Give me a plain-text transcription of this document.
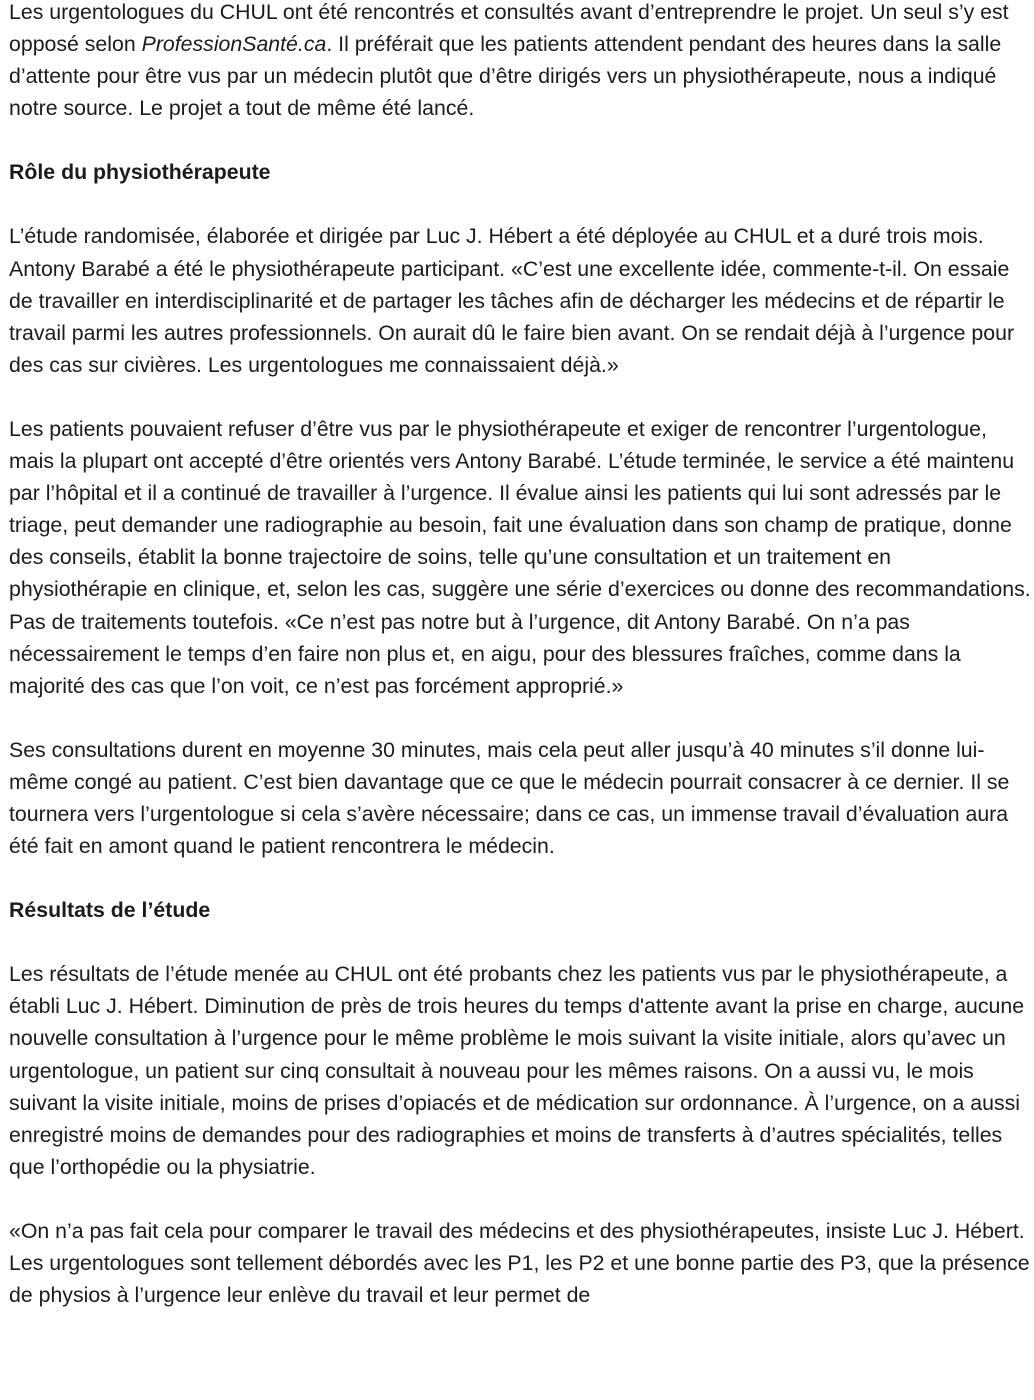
Les urgentologues du CHUL ont été rencontrés et consultés avant d’entreprendre le projet. Un seul s’y est opposé selon ProfessionSanté.ca. Il préférait que les patients attendent pendant des heures dans la salle d’attente pour être vus par un médecin plutôt que d’être dirigés vers un physiothérapeute, nous a indiqué notre source. Le projet a tout de même été lancé.

Rôle du physiothérapeute

L’étude randomisée, élaborée et dirigée par Luc J. Hébert a été déployée au CHUL et a duré trois mois. Antony Barabé a été le physiothérapeute participant. «C’est une excellente idée, commente-t-il. On essaie de travailler en interdisciplinarité et de partager les tâches afin de décharger les médecins et de répartir le travail parmi les autres professionnels. On aurait dû le faire bien avant. On se rendait déjà à l’urgence pour des cas sur civières. Les urgentologues me connaissaient déjà.»

Les patients pouvaient refuser d’être vus par le physiothérapeute et exiger de rencontrer l’urgentologue, mais la plupart ont accepté d’être orientés vers Antony Barabé. L’étude terminée, le service a été maintenu par l’hôpital et il a continué de travailler à l’urgence. Il évalue ainsi les patients qui lui sont adressés par le triage, peut demander une radiographie au besoin, fait une évaluation dans son champ de pratique, donne des conseils, établit la bonne trajectoire de soins, telle qu’une consultation et un traitement en physiothérapie en clinique, et, selon les cas, suggère une série d’exercices ou donne des recommandations. Pas de traitements toutefois. «Ce n’est pas notre but à l’urgence, dit Antony Barabé. On n’a pas nécessairement le temps d’en faire non plus et, en aigu, pour des blessures fraîches, comme dans la majorité des cas que l’on voit, ce n’est pas forcément approprié.»

Ses consultations durent en moyenne 30 minutes, mais cela peut aller jusqu’à 40 minutes s’il donne lui-même congé au patient. C’est bien davantage que ce que le médecin pourrait consacrer à ce dernier. Il se tournera vers l’urgentologue si cela s’avère nécessaire; dans ce cas, un immense travail d’évaluation aura été fait en amont quand le patient rencontrera le médecin.

Résultats de l’étude

Les résultats de l’étude menée au CHUL ont été probants chez les patients vus par le physiothérapeute, a établi Luc J. Hébert. Diminution de près de trois heures du temps d'attente avant la prise en charge, aucune nouvelle consultation à l’urgence pour le même problème le mois suivant la visite initiale, alors qu’avec un urgentologue, un patient sur cinq consultait à nouveau pour les mêmes raisons. On a aussi vu, le mois suivant la visite initiale, moins de prises d’opiacés et de médication sur ordonnance. À l’urgence, on a aussi enregistré moins de demandes pour des radiographies et moins de transferts à d’autres spécialités, telles que l’orthopédie ou la physiatrie.

«On n’a pas fait cela pour comparer le travail des médecins et des physiothérapeutes, insiste Luc J. Hébert. Les urgentologues sont tellement débordés avec les P1, les P2 et une bonne partie des P3, que la présence de physios à l’urgence leur enlève du travail et leur permet de
